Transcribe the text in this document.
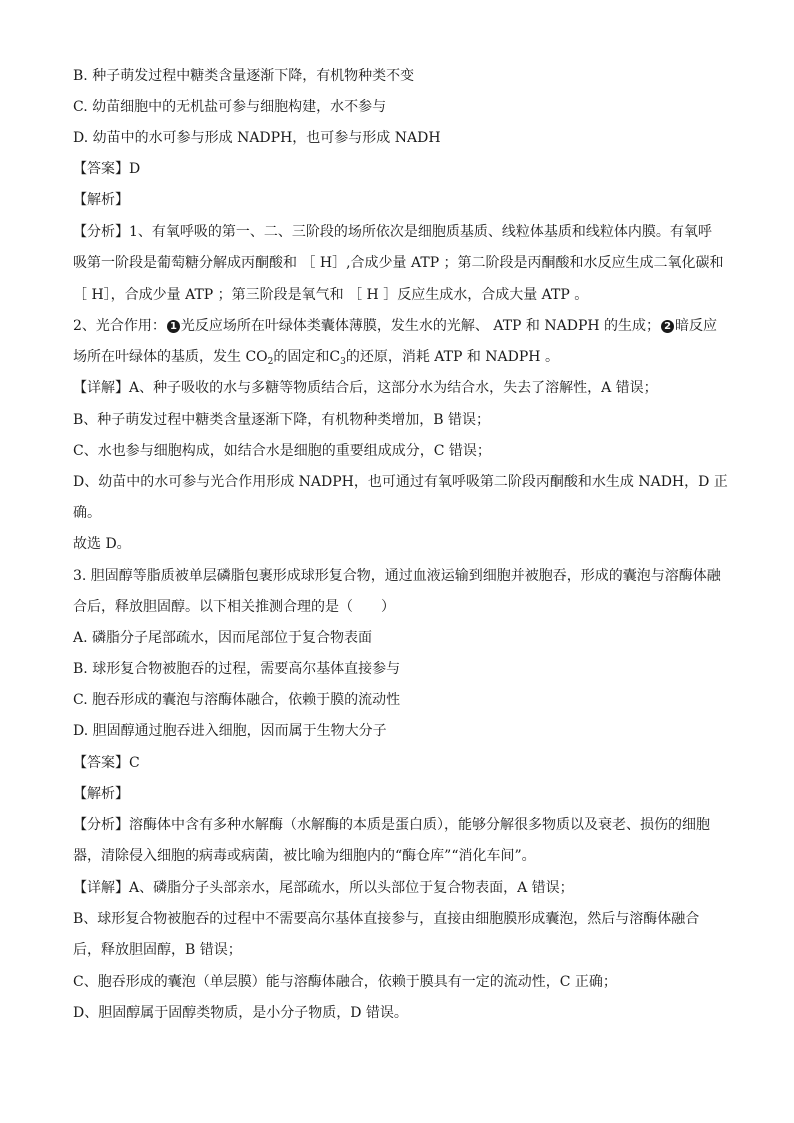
B. 种子萌发过程中糖类含量逐渐下降，有机物种类不变
C. 幼苗细胞中的无机盐可参与细胞构建，水不参与
D. 幼苗中的水可参与形成 NADPH，也可参与形成 NADH
【答案】D
【解析】
【分析】1、有氧呼吸的第一、二、三阶段的场所依次是细胞质基质、线粒体基质和线粒体内膜。有氧呼
吸第一阶段是葡萄糖分解成丙酮酸和 ［ H］,合成少量 ATP ；第二阶段是丙酮酸和水反应生成二氧化碳和
［ H］，合成少量 ATP ；第三阶段是氧气和 ［ H ］反应生成水，合成大量 ATP 。
2、光合作用： 1 光反应场所在叶绿体类囊体薄膜，发生水的光解、 ATP 和 NADPH 的生成； 2 暗反应
场所在叶绿体的基质，发生 $CO_2$的固定和$C_3$的还原，消耗 ATP 和 NADPH 。
【详解】A、种子吸收的水与多糖等物质结合后，这部分水为结合水，失去了溶解性，A 错误；
B、种子萌发过程中糖类含量逐渐下降，有机物种类增加，B 错误；
C、水也参与细胞构成，如结合水是细胞的重要组成成分，C 错误；
D、幼苗中的水可参与光合作用形成 NADPH，也可通过有氧呼吸第二阶段丙酮酸和水生成 NADH，D 正
确。
故选 D。
3. 胆固醇等脂质被单层磷脂包裹形成球形复合物，通过血液运输到细胞并被胞吞，形成的囊泡与溶酶体融
合后，释放胆固醇。以下相关推测合理的是（　　）
A. 磷脂分子尾部疏水，因而尾部位于复合物表面
B. 球形复合物被胞吞的过程，需要高尔基体直接参与
C. 胞吞形成的囊泡与溶酶体融合，依赖于膜的流动性
D. 胆固醇通过胞吞进入细胞，因而属于生物大分子
【答案】C
【解析】
【分析】溶酶体中含有多种水解酶（水解酶的本质是蛋白质），能够分解很多物质以及衰老、损伤的细胞
器，清除侵入细胞的病毒或病菌，被比喻为细胞内的“酶仓库”“消化车间”。
【详解】A、磷脂分子头部亲水，尾部疏水，所以头部位于复合物表面，A 错误；
B、球形复合物被胞吞的过程中不需要高尔基体直接参与，直接由细胞膜形成囊泡，然后与溶酶体融合
后，释放胆固醇，B 错误；
C、胞吞形成的囊泡（单层膜）能与溶酶体融合，依赖于膜具有一定的流动性，C 正确；
D、胆固醇属于固醇类物质，是小分子物质，D 错误。
